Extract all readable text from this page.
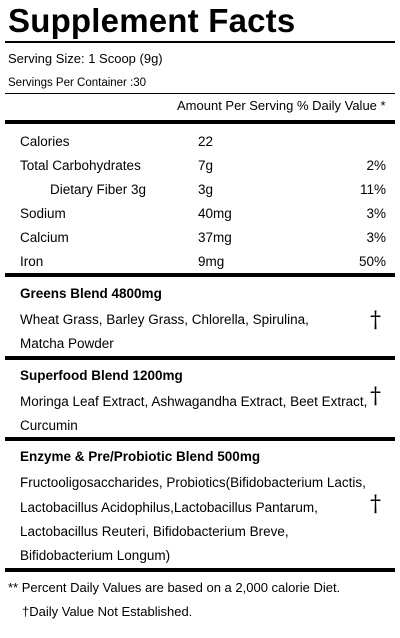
Supplement Facts
Serving Size: 1 Scoop (9g)
Servings Per Container :30
Amount Per Serving % Daily Value *
Calories	22
Total Carbohydrates	7g	2%
Dietary Fiber 3g	3g	11%
Sodium	40mg	3%
Calcium	37mg	3%
Iron	9mg	50%
Greens Blend 4800mg
Wheat Grass, Barley Grass, Chlorella, Spirulina,
Matcha Powder
†
Superfood Blend 1200mg
Moringa Leaf Extract, Ashwagandha Extract, Beet Extract,
Curcumin
†
Enzyme & Pre/Probiotic Blend 500mg
Fructooligosaccharides, Probiotics(Bifidobacterium Lactis,
Lactobacillus Acidophilus,Lactobacillus Pantarum,
Lactobacillus Reuteri, Bifidobacterium Breve,
Bifidobacterium Longum)
†
** Percent Daily Values are based on a 2,000 calorie Diet.
†Daily Value Not Established.
